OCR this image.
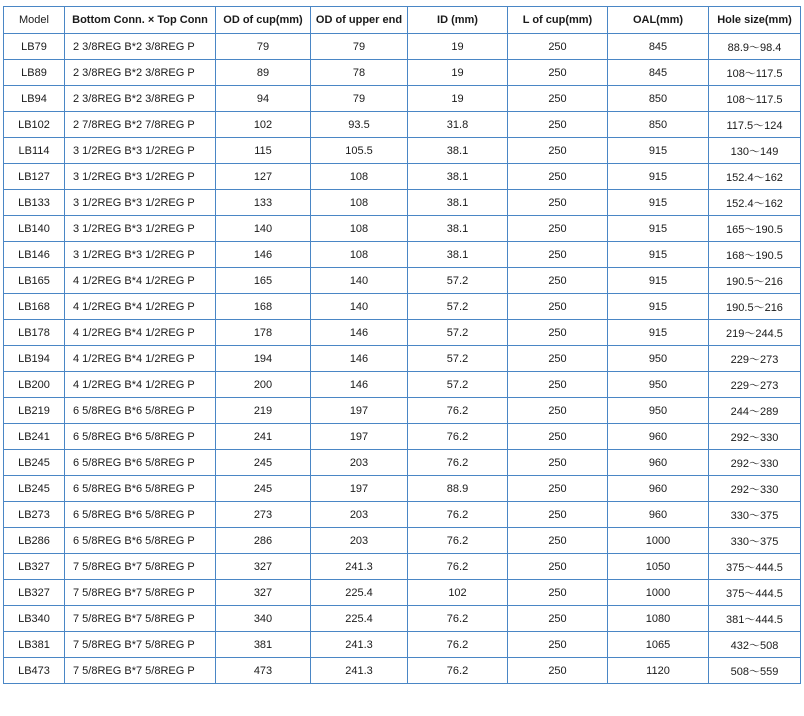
Model	Bottom Conn. × Top Conn	OD of cup(mm)	OD of upper end	ID (mm)	L of cup(mm)	OAL(mm)	Hole size(mm)
LB79	2 3/8REG B*2 3/8REG P	79	79	19	250	845	88.9～98.4
LB89	2 3/8REG B*2 3/8REG P	89	78	19	250	845	108～117.5
LB94	2 3/8REG B*2 3/8REG P	94	79	19	250	850	108～117.5
LB102	2 7/8REG B*2 7/8REG P	102	93.5	31.8	250	850	117.5～124
LB114	3 1/2REG B*3 1/2REG P	115	105.5	38.1	250	915	130～149
LB127	3 1/2REG B*3 1/2REG P	127	108	38.1	250	915	152.4～162
LB133	3 1/2REG B*3 1/2REG P	133	108	38.1	250	915	152.4～162
LB140	3 1/2REG B*3 1/2REG P	140	108	38.1	250	915	165～190.5
LB146	3 1/2REG B*3 1/2REG P	146	108	38.1	250	915	168～190.5
LB165	4 1/2REG B*4 1/2REG P	165	140	57.2	250	915	190.5～216
LB168	4 1/2REG B*4 1/2REG P	168	140	57.2	250	915	190.5～216
LB178	4 1/2REG B*4 1/2REG P	178	146	57.2	250	915	219～244.5
LB194	4 1/2REG B*4 1/2REG P	194	146	57.2	250	950	229～273
LB200	4 1/2REG B*4 1/2REG P	200	146	57.2	250	950	229～273
LB219	6 5/8REG B*6 5/8REG P	219	197	76.2	250	950	244～289
LB241	6 5/8REG B*6 5/8REG P	241	197	76.2	250	960	292～330
LB245	6 5/8REG B*6 5/8REG P	245	203	76.2	250	960	292～330
LB245	6 5/8REG B*6 5/8REG P	245	197	88.9	250	960	292～330
LB273	6 5/8REG B*6 5/8REG P	273	203	76.2	250	960	330～375
LB286	6 5/8REG B*6 5/8REG P	286	203	76.2	250	1000	330～375
LB327	7 5/8REG B*7 5/8REG P	327	241.3	76.2	250	1050	375～444.5
LB327	7 5/8REG B*7 5/8REG P	327	225.4	102	250	1000	375～444.5
LB340	7 5/8REG B*7 5/8REG P	340	225.4	76.2	250	1080	381～444.5
LB381	7 5/8REG B*7 5/8REG P	381	241.3	76.2	250	1065	432～508
LB473	7 5/8REG B*7 5/8REG P	473	241.3	76.2	250	1120	508～559
